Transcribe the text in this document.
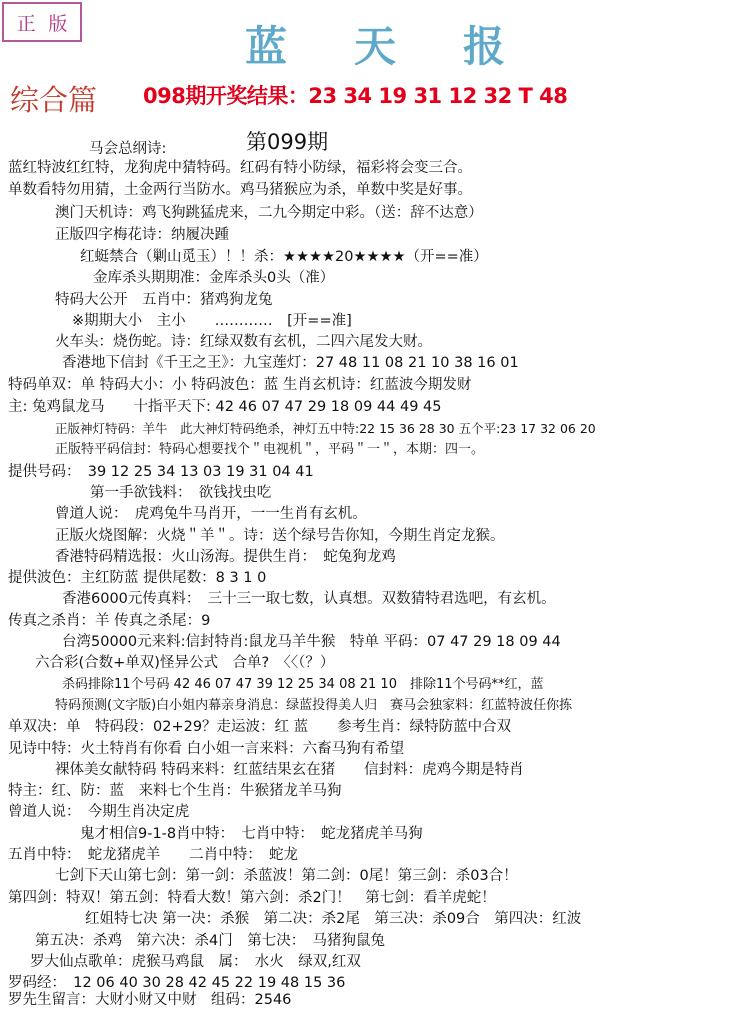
正 版	蓝 天 报
综合篇 098期开奖结果：23 34 19 31 12 32 T 48
马会总纲诗:	第099期
蓝红特波红红特，龙狗虎中猜特码。红码有特小防绿，福彩将会变三合。
单数看特勿用猜，土金两行当防水。鸡马猪猴应为杀，单数中奖是好事。
澳门天机诗：鸡飞狗跳猛虎来，二九今期定中彩。（送：辞不达意）
正版四字梅花诗：纳履决踵
红蜓禁合（剿山觅玉）！！杀：★★★★20★★★★（开==准）
金库杀头期期准：金库杀头0头（准）
特码大公开　五肖中：猪鸡狗龙兔
※期期大小　主小　　…………　[开==准]
火车头：烧伤蛇。诗：红绿双数有玄机，二四六尾发大财。
香港地下信封《千王之王》：九宝莲灯：27 48 11 08 21 10 38 16 01
特码单双：单 特码大小：小 特码波色：蓝 生肖玄机诗：红蓝波今期发财
主: 兔鸡鼠龙马　　十指平天下: 42 46 07 47 29 18 09 44 49 45
正版神灯特码：羊牛　此大神灯特码绝杀，神灯五中特:22 15 36 28 30 五个平:23 17 32 06 20
正版特平码信封：特码心想要找个＂电视机＂，平码＂一＂，本期：四一。
提供号码：　39 12 25 34 13 03 19 31 04 41
第一手欲钱料：　欲钱找虫吃
曾道人说：　虎鸡兔牛马肖开，一一生肖有玄机。
正版火烧图解：火烧＂羊＂。诗：送个绿号告你知，今期生肖定龙猴。
香港特码精选报：火山汤海。提供生肖：　蛇兔狗龙鸡
提供波色：主红防蓝 提供尾数：8 3 1 0
香港6000元传真料：　三十三一取七数，认真想。双数猜特君选吧，有玄机。
传真之杀肖：羊 传真之杀尾：9
台湾50000元来料:信封特肖:鼠龙马羊牛猴　特单 平码：07 47 29 18 09 44
六合彩(合数+单双)怪异公式　合单?　〈〈（？）
杀码排除11个号码 42 46 07 47 39 12 25 34 08 21 10　排除11个号码**红，蓝
特码预测(文字版)白小姐内幕亲身消息：绿蓝投得美人归　赛马会独家料：红蓝特波任你拣
单双决：单　特码段：02+29？走运波：红 蓝　　参考生肖：绿特防蓝中合双
见诗中特：火土特肖有你看 白小姐一言来料：六畜马狗有希望
裸体美女献特码 特码来料：红蓝结果玄在猪　　信封料：虎鸡今期是特肖
特主：红、防：蓝　来料七个生肖：牛猴猪龙羊马狗
曾道人说：　今期生肖决定虎
鬼才相信9-1-8肖中特：　七肖中特：　蛇龙猪虎羊马狗
五肖中特：　蛇龙猪虎羊　　二肖中特：　蛇龙
七剑下天山第七剑：第一剑：杀蓝波！第二剑：0尾！第三剑：杀03合！
第四剑：特双！第五剑：特看大数！第六剑：杀2门！　第七剑：看羊虎蛇！
红姐特七决 第一决：杀猴　第二决：杀2尾　第三决：杀09合　第四决：红波
第五决：杀鸡　第六决：杀4门　第七决：　马猪狗鼠兔
罗大仙点歌单：虎猴马鸡鼠　属：　水火　绿双,红双
罗码经：　12 06 40 30 28 42 45 22 19 48 15 36
罗先生留言：大财小财又中财　组码：2546
